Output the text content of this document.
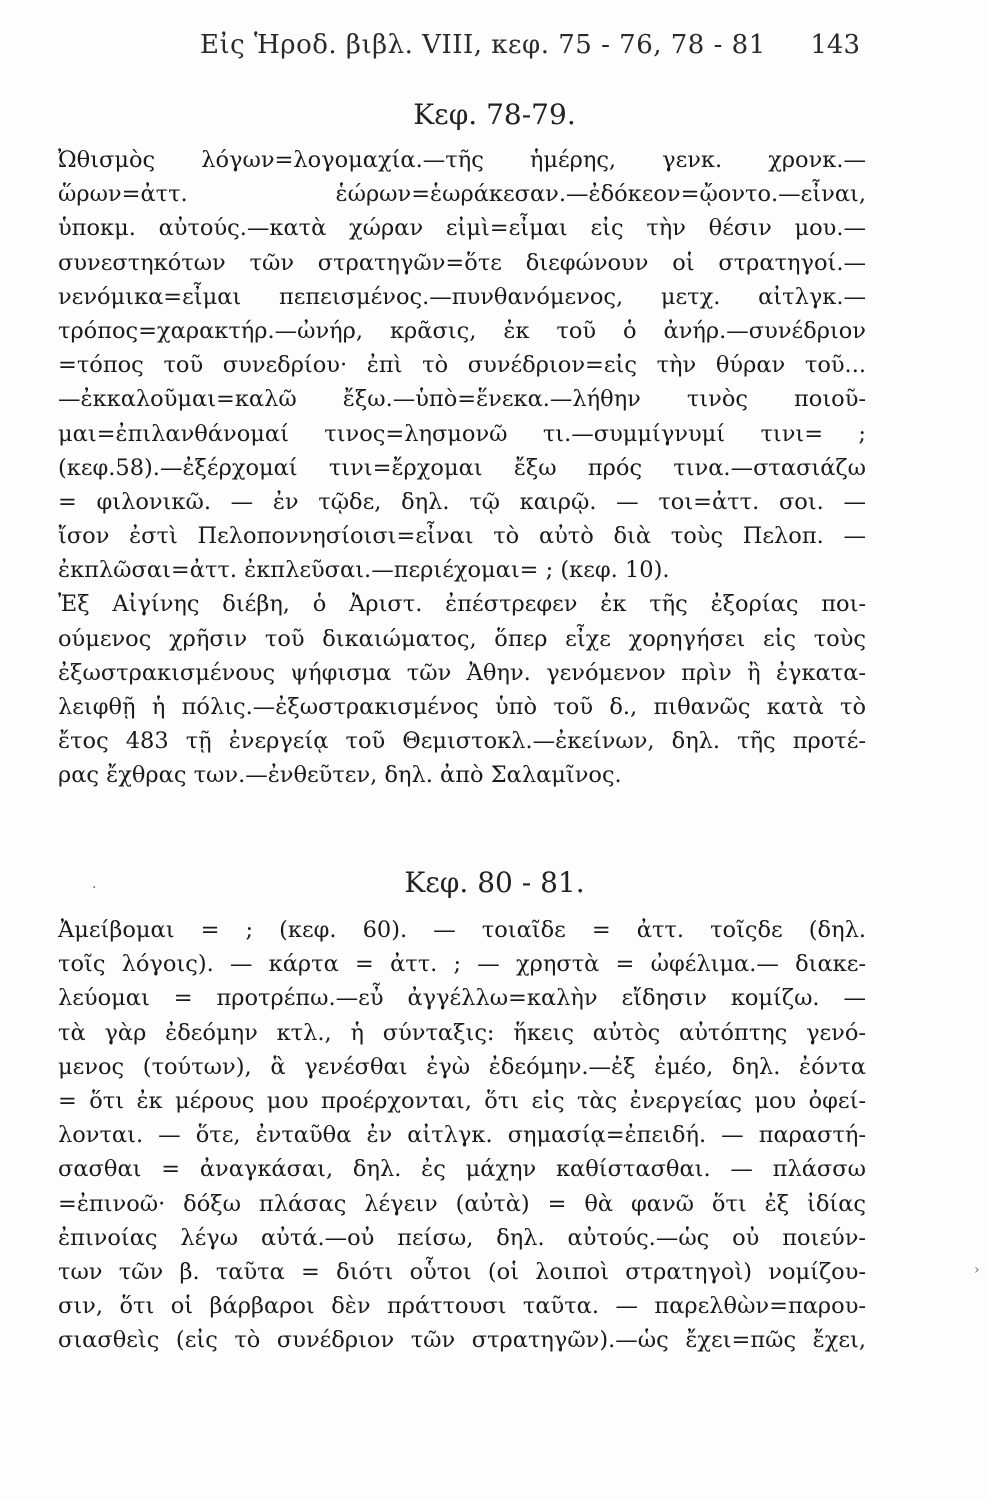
Εἰς Ἡροδ. βιβλ. VIII, κεφ. 75 - 76, 78 - 81 143
Κεφ. 78-79.
Ὠθισμὸς λόγων=λογομαχία.—τῆς ἡμέρης, γενκ. χρονκ.—
ὥρων=ἀττ. ἑώρων=ἑωράκεσαν.—ἐδόκεον=ᾤοντο.—εἶναι,
ὑποκμ. αὐτούς.—κατὰ χώραν εἰμὶ=εἶμαι εἰς τὴν θέσιν μου.—
συνεστηκότων τῶν στρατηγῶν=ὅτε διεφώνουν οἱ στρατηγοί.—
νενόμικα=εἶμαι πεπεισμένος.—πυνθανόμενος, μετχ. αἰτλγκ.—
τρόπος=χαρακτήρ.—ὠνήρ, κρᾶσις, ἐκ τοῦ ὁ ἀνήρ.—συνέδριον
=τόπος τοῦ συνεδρίου· ἐπὶ τὸ συνέδριον=εἰς τὴν θύραν τοῦ...
—ἐκκαλοῦμαι=καλῶ ἔξω.—ὑπὸ=ἕνεκα.—λήθην τινὸς ποιοῦ-
μαι=ἐπιλανθάνομαί τινος=λησμονῶ τι.—συμμίγνυμί τινι= ;
(κεφ.58).—ἐξέρχομαί τινι=ἔρχομαι ἔξω πρός τινα.—στασιάζω
= φιλονικῶ. — ἐν τῷδε, δηλ. τῷ καιρῷ. — τοι=ἀττ. σοι. —
ἴσον ἐστὶ Πελοποννησίοισι=εἶναι τὸ αὐτὸ διὰ τοὺς Πελοπ. —
ἐκπλῶσαι=ἀττ. ἐκπλεῦσαι.—περιέχομαι= ; (κεφ. 10).
Ἐξ Αἰγίνης διέβη, ὁ Ἀριστ. ἐπέστρεφεν ἐκ τῆς ἐξορίας ποι-
ούμενος χρῆσιν τοῦ δικαιώματος, ὅπερ εἶχε χορηγήσει εἰς τοὺς
ἐξωστρακισμένους ψήφισμα τῶν Ἀθην. γενόμενον πρὶν ἢ ἐγκατα-
λειφθῇ ἡ πόλις.—ἐξωστρακισμένος ὑπὸ τοῦ δ., πιθανῶς κατὰ τὸ
ἔτος 483 τῇ ἐνεργείᾳ τοῦ Θεμιστοκλ.—ἐκείνων, δηλ. τῆς προτέ-
ρας ἔχθρας των.—ἐνθεῦτεν, δηλ. ἀπὸ Σαλαμῖνος.
Κεφ. 80 - 81.
Ἀμείβομαι = ; (κεφ. 60). — τοιαῖδε = ἀττ. τοῖςδε (δηλ.
τοῖς λόγοις). — κάρτα = ἀττ. ; — χρηστὰ = ὠφέλιμα.— διακε-
λεύομαι = προτρέπω.—εὖ ἀγγέλλω=καλὴν εἴδησιν κομίζω. —
τὰ γὰρ ἐδεόμην κτλ., ἡ σύνταξις: ἥκεις αὐτὸς αὐτόπτης γενό-
μενος (τούτων), ἃ γενέσθαι ἐγὼ ἐδεόμην.—ἐξ ἐμέο, δηλ. ἐόντα
= ὅτι ἐκ μέρους μου προέρχονται, ὅτι εἰς τὰς ἐνεργείας μου ὀφεί-
λονται. — ὅτε, ἐνταῦθα ἐν αἰτλγκ. σημασίᾳ=ἐπειδή. — παραστή-
σασθαι = ἀναγκάσαι, δηλ. ἐς μάχην καθίστασθαι. — πλάσσω
=ἐπινοῶ· δόξω πλάσας λέγειν (αὐτὰ) = θὰ φανῶ ὅτι ἐξ ἰδίας
ἐπινοίας λέγω αὐτά.—οὐ πείσω, δηλ. αὐτούς.—ὡς οὐ ποιεύν-
των τῶν β. ταῦτα = διότι οὗτοι (οἱ λοιποὶ στρατηγοὶ) νομίζου-
σιν, ὅτι οἱ βάρβαροι δὲν πράττουσι ταῦτα. — παρελθὼν=παρου-
σιασθεὶς (εἰς τὸ συνέδριον τῶν στρατηγῶν).—ὡς ἔχει=πῶς ἔχει,
·
›
